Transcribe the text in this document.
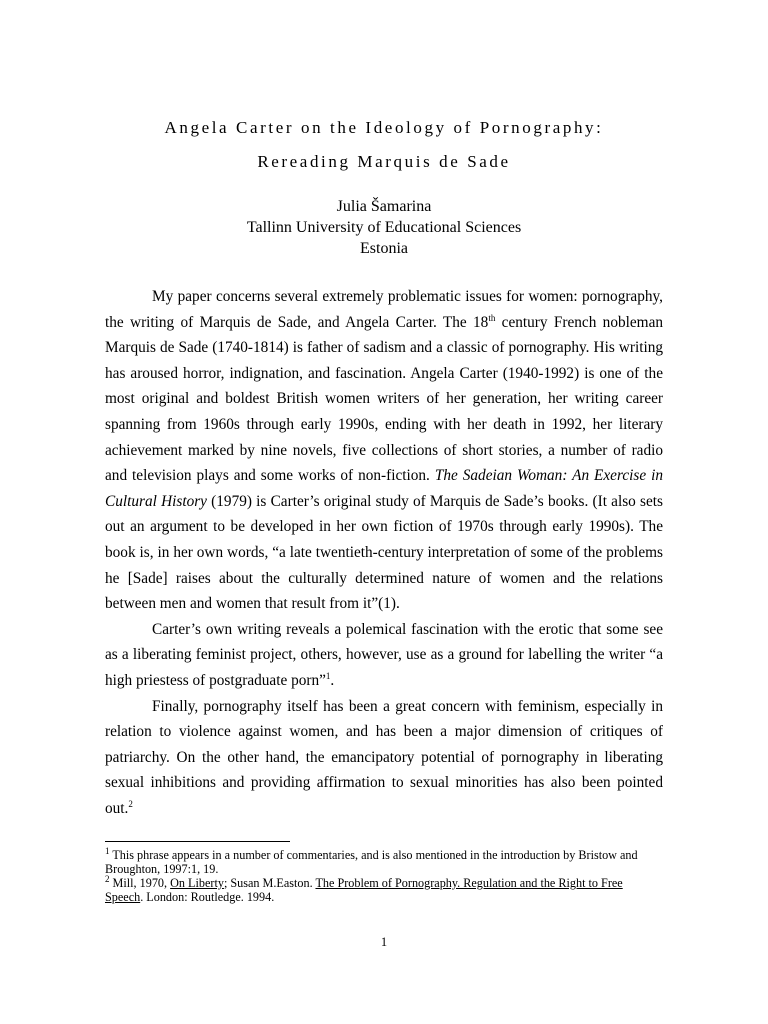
Angela Carter on the Ideology of Pornography:
Rereading Marquis de Sade
Julia Šamarina
Tallinn University of Educational Sciences
Estonia

My paper concerns several extremely problematic issues for women: pornography, the writing of Marquis de Sade, and Angela Carter. The 18th century French nobleman Marquis de Sade (1740-1814) is father of sadism and a classic of pornography. His writing has aroused horror, indignation, and fascination. Angela Carter (1940-1992) is one of the most original and boldest British women writers of her generation, her writing career spanning from 1960s through early 1990s, ending with her death in 1992, her literary achievement marked by nine novels, five collections of short stories, a number of radio and television plays and some works of non-fiction. The Sadeian Woman: An Exercise in Cultural History (1979) is Carter’s original study of Marquis de Sade’s books. (It also sets out an argument to be developed in her own fiction of 1970s through early 1990s). The book is, in her own words, “a late twentieth-century interpretation of some of the problems he [Sade] raises about the culturally determined nature of women and the relations between men and women that result from it”(1).

Carter’s own writing reveals a polemical fascination with the erotic that some see as a liberating feminist project, others, however, use as a ground for labelling the writer “a high priestess of postgraduate porn”$^1$.

Finally, pornography itself has been a great concern with feminism, especially in relation to violence against women, and has been a major dimension of critiques of patriarchy. On the other hand, the emancipatory potential of pornography in liberating sexual inhibitions and providing affirmation to sexual minorities has also been pointed out.$^2$

$^1$ This phrase appears in a number of commentaries, and is also mentioned in the introduction by Bristow and Broughton, 1997:1, 19.
$^2$ Mill, 1970, On Liberty; Susan M.Easton. The Problem of Pornography. Regulation and the Right to Free Speech. London: Routledge. 1994.
1
